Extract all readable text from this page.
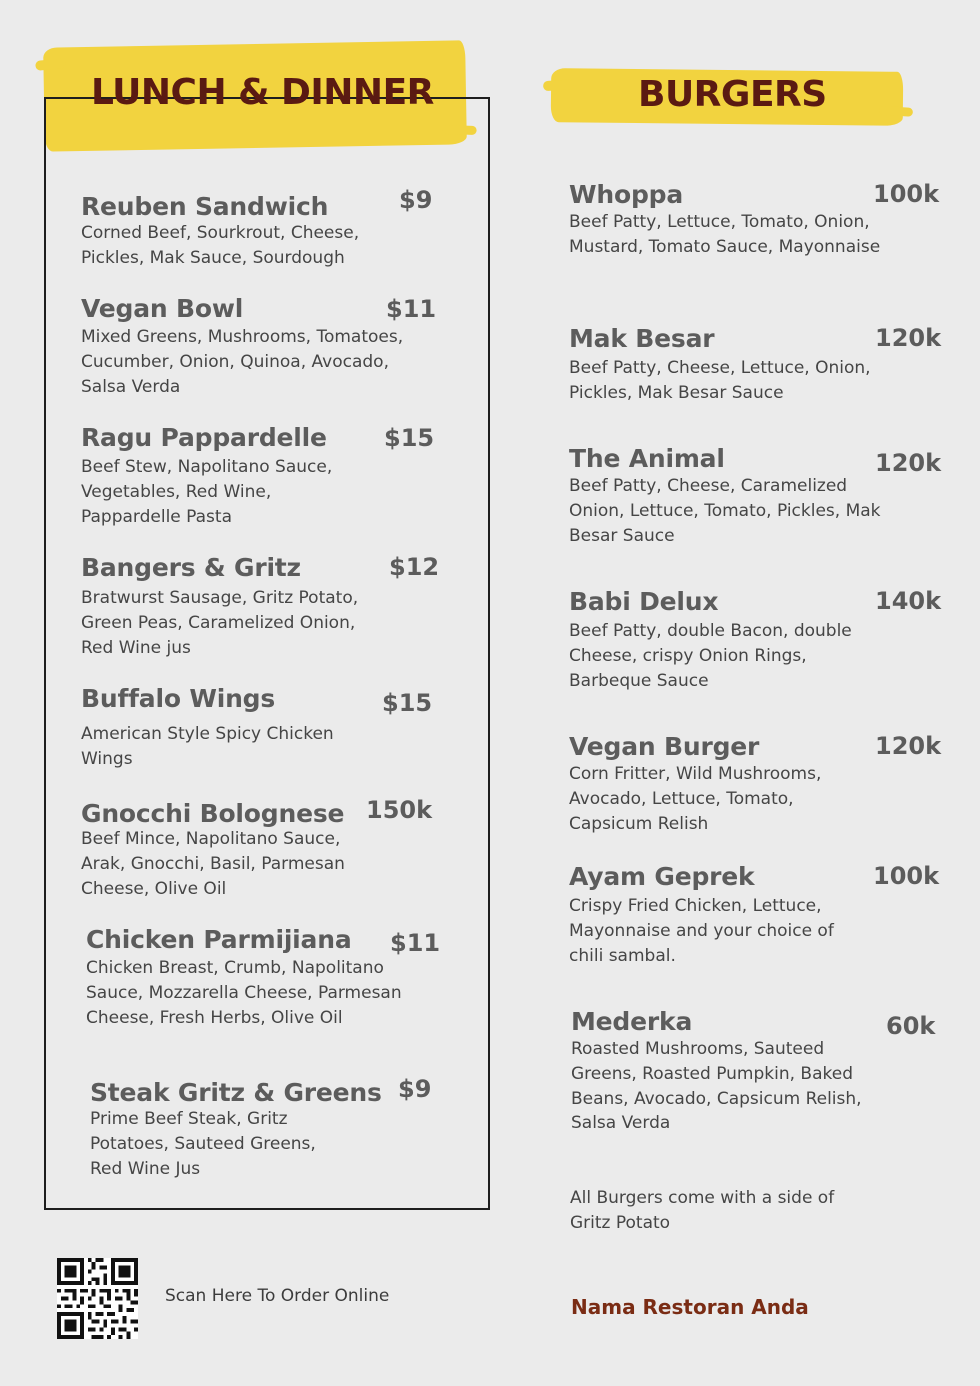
LUNCH & DINNER	BURGERS
Reuben Sandwich	$9
Corned Beef, Sourkrout, Cheese, Pickles, Mak Sauce, Sourdough
Vegan Bowl	$11
Mixed Greens, Mushrooms, Tomatoes, Cucumber, Onion, Quinoa, Avocado, Salsa Verda
Ragu Pappardelle $15
Beef Stew, Napolitano Sauce, Vegetables, Red Wine, Pappardelle Pasta
Bangers & Gritz	$12
Bratwurst Sausage, Gritz Potato, Green Peas, Caramelized Onion, Red Wine jus
Buffalo Wings	$15
American Style Spicy Chicken Wings
Gnocchi Bolognese 150k
Beef Mince, Napolitano Sauce, Arak, Gnocchi, Basil, Parmesan Cheese, Olive Oil
Chicken Parmijiana $11
Chicken Breast, Crumb, Napolitano Sauce, Mozzarella Cheese, Parmesan Cheese, Fresh Herbs, Olive Oil
Steak Gritz & Greens $9
Prime Beef Steak, Gritz Potatoes, Sauteed Greens, Red Wine Jus
Whoppa	100k
Beef Patty, Lettuce, Tomato, Onion, Mustard, Tomato Sauce, Mayonnaise
Mak Besar	120k
Beef Patty, Cheese, Lettuce, Onion, Pickles, Mak Besar Sauce
The Animal	120k
Beef Patty, Cheese, Caramelized Onion, Lettuce, Tomato, Pickles, Mak Besar Sauce
Babi Delux	140k
Beef Patty, double Bacon, double Cheese, crispy Onion Rings, Barbeque Sauce
Vegan Burger	120k
Corn Fritter, Wild Mushrooms, Avocado, Lettuce, Tomato, Capsicum Relish
Ayam Geprek	100k
Crispy Fried Chicken, Lettuce, Mayonnaise and your choice of chili sambal.
Mederka	60k
Roasted Mushrooms, Sauteed Greens, Roasted Pumpkin, Baked Beans, Avocado, Capsicum Relish, Salsa Verda
All Burgers come with a side of Gritz Potato
Scan Here To Order Online	Nama Restoran Anda
